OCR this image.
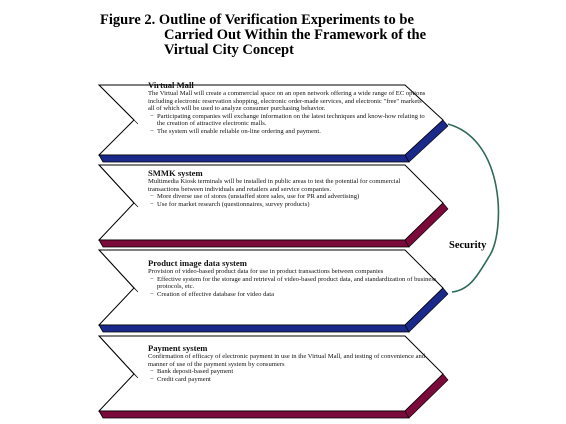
Figure 2. Outline of Verification Experiments to be
Carried Out Within the Framework of the
Virtual City Concept
Virtual Mall
The Virtual Mall will create a commercial space on an open network offering a wide range of EC options including electronic reservation shopping, electronic order-made services, and electronic "free" markets all of which will be used to analyze consumer purchasing behavior.
− Participating companies will exchange information on the latest techniques and know-how relating to the creation of attractive electronic malls.
− The system will enable reliable on-line ordering and payment.
SMMK system
Multimedia Kiosk terminals will be installed in public areas to test the potential for commercial transactions between individuals and retailers and service companies.
− More diverse use of stores (unstaffed store sales, use for PR and advertising)
− Use for market research (questionnaires, survey products)
Product image data system
Provision of video-based product data for use in product transactions between companies
− Effective system for the storage and retrieval of video-based product data, and standardization of business protocols, etc.
− Creation of effective database for video data
Payment system
Confirmation of efficacy of electronic payment in use in the Virtual Mall, and testing of convenience and manner of use of the payment system by consumers
− Bank deposit-based payment
− Credit card payment
Security
